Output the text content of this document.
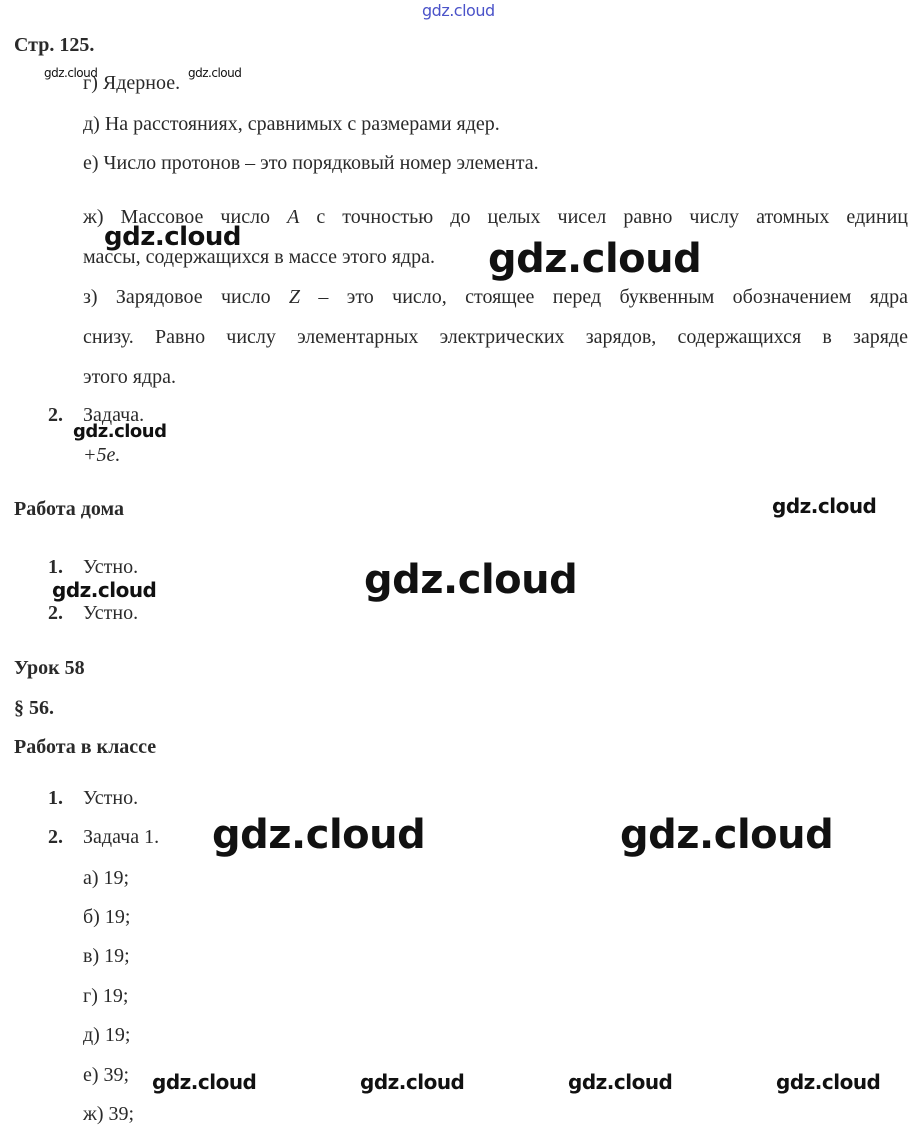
Стр. 125.
г) Ядерное.
д) На расстояниях, сравнимых с размерами ядер.
е) Число протонов – это порядковый номер элемента.
ж) Массовое число A с точностью до целых чисел равно числу атомных единиц
массы, содержащихся в массе этого ядра.
з) Зарядовое число Z – это число, стоящее перед буквенным обозначением ядра
снизу. Равно числу элементарных электрических зарядов, содержащихся в заряде
этого ядра.
2. Задача.
+5e.
Работа дома
1. Устно.
2. Устно.
Урок 58
§ 56.
Работа в классе
1. Устно.
2. Задача 1.
а) 19;
б) 19;
в) 19;
г) 19;
д) 19;
е) 39;
ж) 39;
gdz.cloud
gdz.cloud	gdz.cloud
gdz.cloud	gdz.cloud
gdz.cloud
gdz.cloud
gdz.cloud
gdz.cloud
gdz.cloud	gdz.cloud
gdz.cloud	gdz.cloud	gdz.cloud	gdz.cloud
